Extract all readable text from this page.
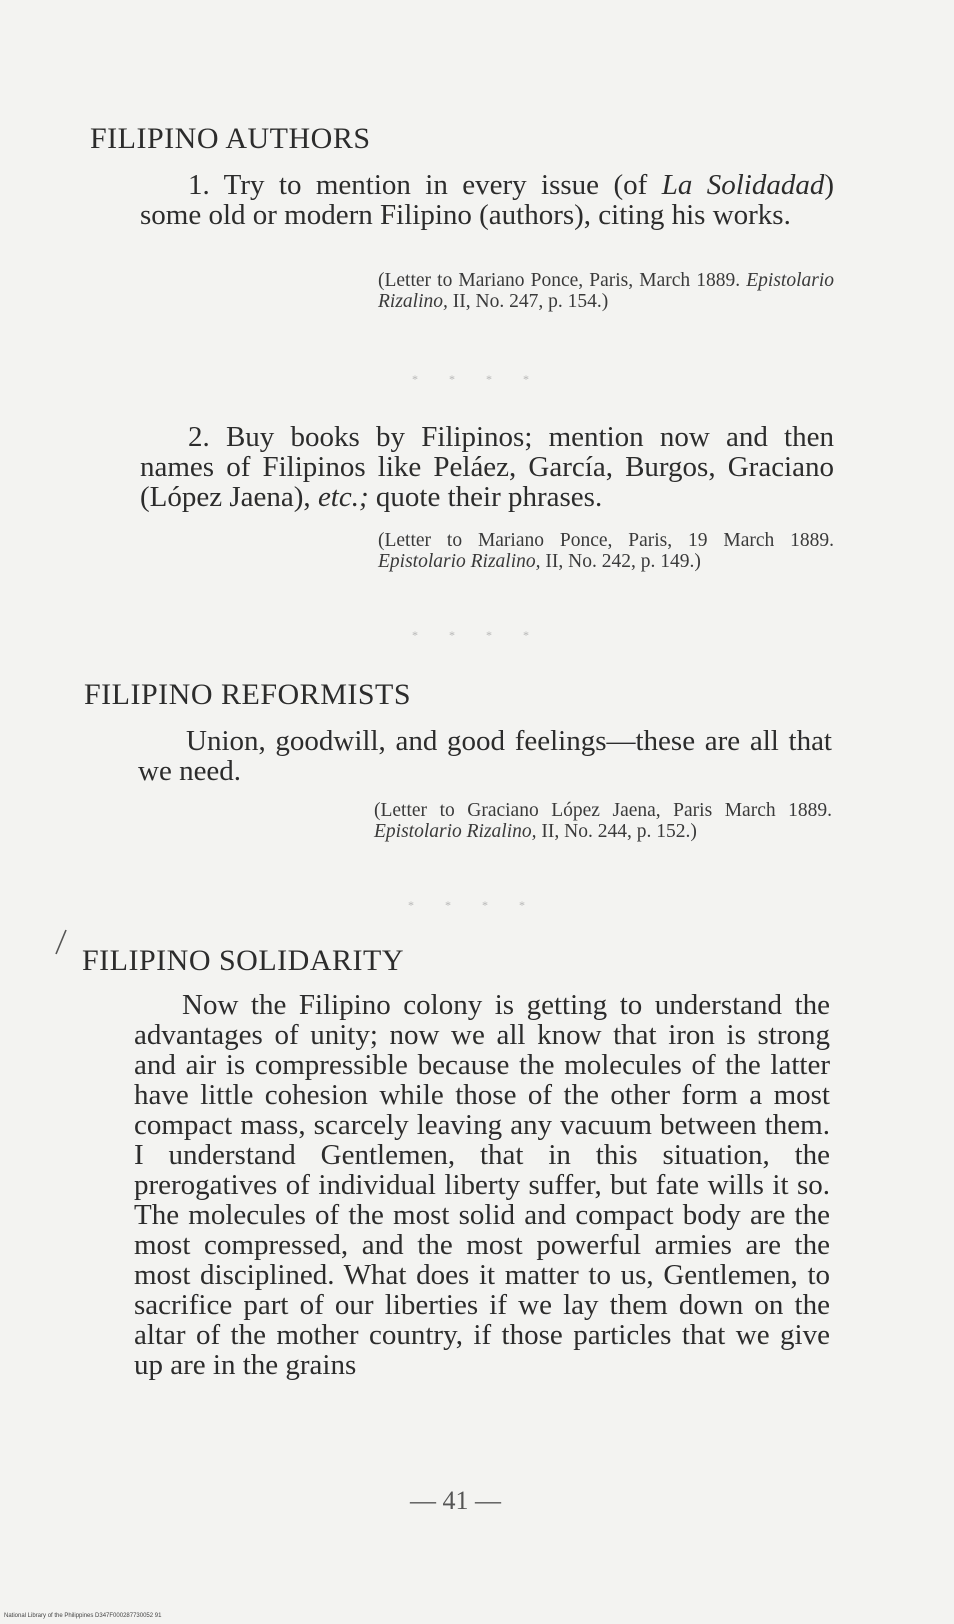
FILIPINO AUTHORS
1. Try to mention in every issue (of La Solidadad) some old or modern Filipino (authors), citing his works.
(Letter to Mariano Ponce, Paris, March 1889. Epistolario Rizalino, II, No. 247, p. 154.)
* * * *
2. Buy books by Filipinos; mention now and then names of Filipinos like Peláez, García, Burgos, Graciano (López Jaena), etc.; quote their phrases.
(Letter to Mariano Ponce, Paris, 19 March 1889. Epistolario Rizalino, II, No. 242, p. 149.)
* * * *
FILIPINO REFORMISTS
Union, goodwill, and good feelings—these are all that we need.
(Letter to Graciano López Jaena, Paris March 1889. Epistolario Rizalino, II, No. 244, p. 152.)
* * * *
FILIPINO SOLIDARITY
Now the Filipino colony is getting to understand the advantages of unity; now we all know that iron is strong and air is compressible because the molecules of the latter have little cohesion while those of the other form a most compact mass, scarcely leaving any vacuum between them. I understand Gentlemen, that in this situation, the prerogatives of individual liberty suffer, but fate wills it so. The molecules of the most solid and compact body are the most compressed, and the most powerful armies are the most disciplined. What does it matter to us, Gentlemen, to sacrifice part of our liberties if we lay them down on the altar of the mother country, if those particles that we give up are in the grains
— 41 —
National Library of the Philippines D347F000287730052 91
